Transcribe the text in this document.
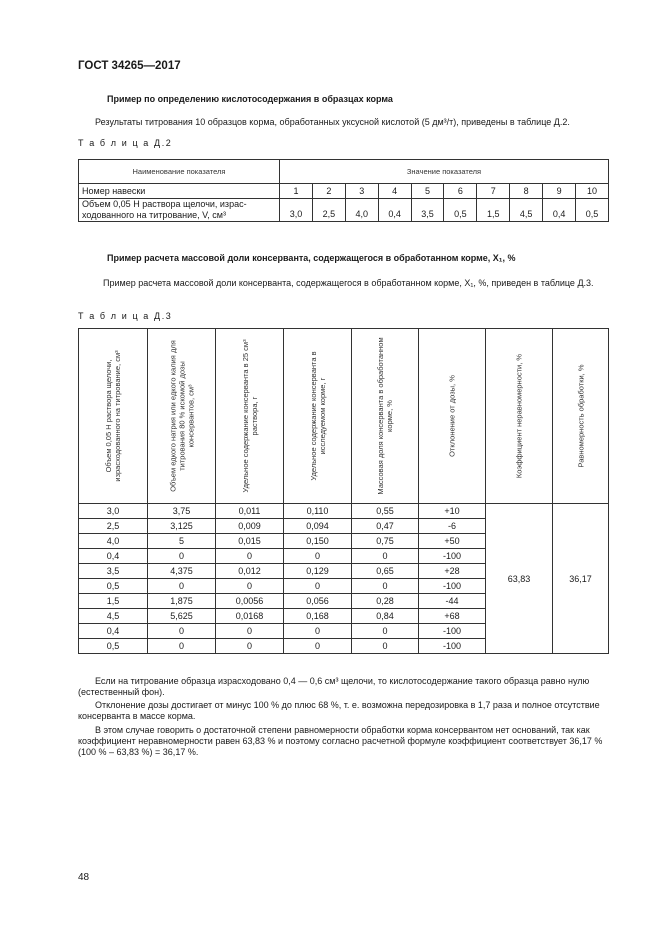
ГОСТ 34265—2017
Пример по определению кислотосодержания в образцах корма
Результаты титрования 10 образцов корма, обработанных уксусной кислотой (5 дм³/т), приведены в таблице Д.2.
Т а б л и ц а Д.2
Наименование показателя	Значение показателя									
Номер навески	1	2	3	4	5	6	7	8	9	10

Объем 0,05 Н раствора щелочи, израс-
ходованного на титрование, V, см³	3,0	2,5	4,0	0,4	3,5	0,5	1,5	4,5	0,4	0,5
Пример расчета массовой доли консерванта, содержащегося в обработанном корме, X₁, %
Пример расчета массовой доли консерванта, содержащегося в обработанном корме, X₁, %, приведен в таблице Д.3.
Т а б л и ц а Д.3
Объем 0,05 Н раствора щелочи, израсходованного на титрование, см³	Объем едкого натрия или едкого калия для титрования 80 % искомой дозы консервантов, см³	Удельное содержание консерванта в 25 см³ раствора, г	Удельное содержание консерванта в исследуемом корме, г	Массовая доля консерванта в обработанном корме, %	Отклонение от дозы, %	Коэффициент неравномерности, %	Равномерность обработки, %

3,0	3,75	0,011	0,110	0,55	+10	63,83	36,17
2,5	3,125	0,009	0,094	0,47	-6		
4,0	5	0,015	0,150	0,75	+50		
0,4	0	0	0	0	-100		
3,5	4,375	0,012	0,129	0,65	+28		
0,5	0	0	0	0	-100		
1,5	1,875	0,0056	0,056	0,28	-44		
4,5	5,625	0,0168	0,168	0,84	+68		
0,4	0	0	0	0	-100		
0,5	0	0	0	0	-100		
Если на титрование образца израсходовано 0,4 — 0,6 см³ щелочи, то кислотосодержание такого образца равно нулю (естественный фон).
Отклонение дозы достигает от минус 100 % до плюс 68 %, т. е. возможна передозировка в 1,7 раза и полное отсутствие консерванта в массе корма.
В этом случае говорить о достаточной степени равномерности обработки корма консервантом нет оснований, так как коэффициент неравномерности равен 63,83 % и поэтому согласно расчетной формуле коэффициент соответствует 36,17 % (100 % – 63,83 %) = 36,17 %.
48
